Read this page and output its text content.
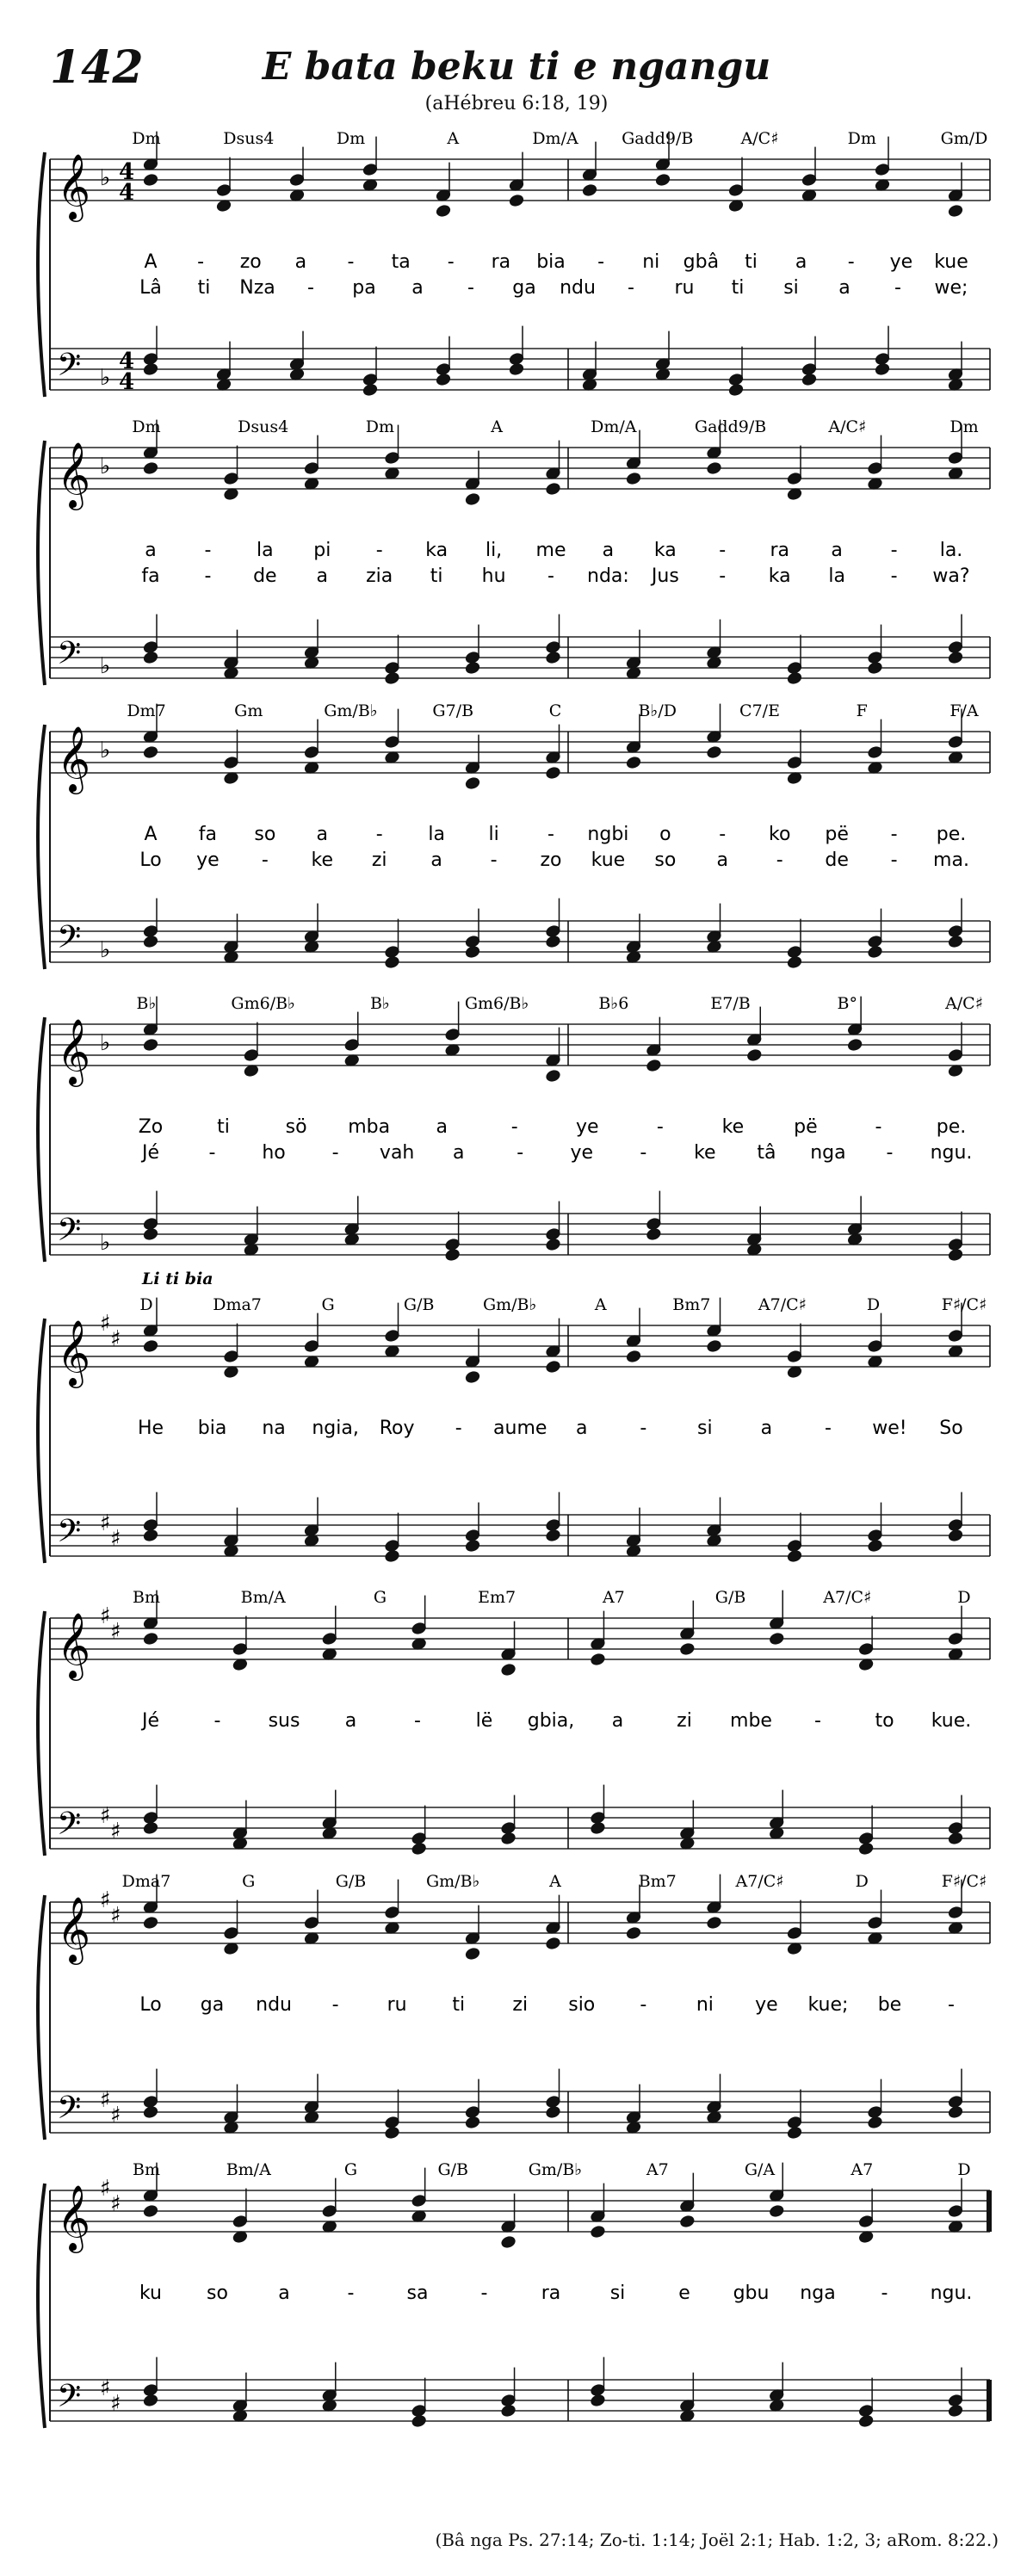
142	E bata beku ti e ngangu
(aHébreu 6:18, 19)
𝄞
𝄢
♭
♭
4
4
4
4
Dm	Dsus4	Dm	A	Dm/A	Gadd9/B	A/C♯	Dm	Gm/D
A - zo a - ta - ra bia - ni gbâ ti a - ye kue
Lâ ti Nza - pa a - ga ndu - ru ti si a - we;
𝄞
𝄢
♭
♭
Dm	Dsus4	Dm	A	Dm/A	Gadd9/B	A/C♯	Dm
a	- la pi - ka li, me a ka - ra a	- la.
fa - de a zia ti hu - nda: Jus - ka la - wa?
𝄞
𝄢
♭
♭
Dm7	Gm	Gm/B♭	G7/B	C	B♭/D	C7/E	F	F/A
A fa so a	- la li	- ngbi o	- ko pë - pe.
Lo ye - ke zi a	- zo kue so a	- de - ma.
𝄞
𝄢
♭
♭
B♭	Gm6/B♭	B♭	Gm6/B♭	B♭6	E7/B	B°	A/C♯
Zo	ti	sö mba a	-	ye	-	ke	pë	-	pe.
Jé	- ho - vah a	- ye - ke tâ nga - ngu.
𝄞
𝄢
♯
♯
♯
♯
Li ti bia
D	Dma7	G	G/B	Gm/B♭	A	Bm7	A7/C♯	D	F♯/C♯
He bia na ngia, Roy - aume a	-	si	a	- we! So
𝄞
𝄢
♯
♯
♯
♯
Bm	Bm/A	G	Em7	A7	G/B	A7/C♯	D
Jé	-	sus a	-	lë gbia, a	zi mbe -	to kue.
𝄞
𝄢
♯
♯
♯
♯
Dma7	G	G/B	Gm/B♭	A	Bm7	A7/C♯	D	F♯/C♯
Lo ga ndu -	ru ti	zi sio -	ni ye kue; be -
𝄞
𝄢
♯
♯
♯
♯
Bm	Bm/A	G	G/B	Gm/B♭	A7	G/A	A7	D
ku so	a	-	sa	-	ra	si	e gbu nga - ngu.
(Bâ nga Ps. 27:14; Zo-ti. 1:14; Joël 2:1; Hab. 1:2, 3; aRom. 8:22.)
